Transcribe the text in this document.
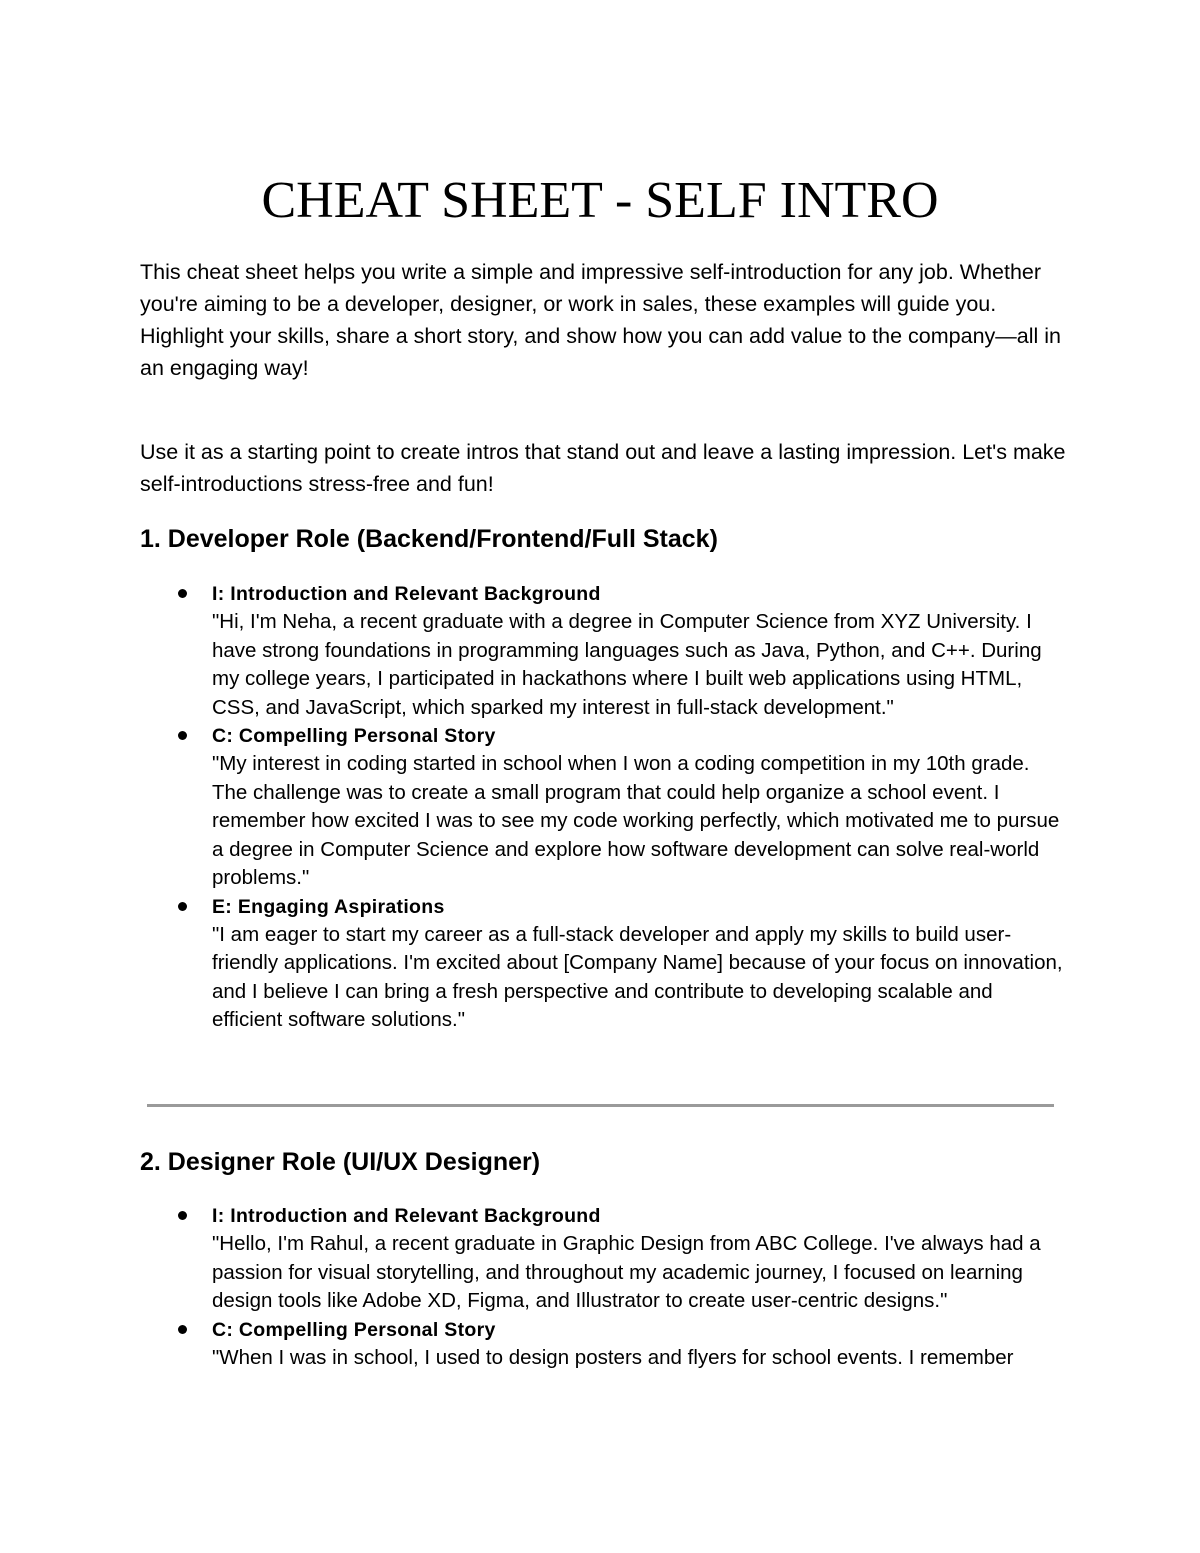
CHEAT SHEET - SELF INTRO

This cheat sheet helps you write a simple and impressive self-introduction for any job. Whether you're aiming to be a developer, designer, or work in sales, these examples will guide you. Highlight your skills, share a short story, and show how you can add value to the company—all in an engaging way!

Use it as a starting point to create intros that stand out and leave a lasting impression. Let's make self-introductions stress-free and fun!

1. Developer Role (Backend/Frontend/Full Stack)
I: Introduction and Relevant Background
"Hi, I'm Neha, a recent graduate with a degree in Computer Science from XYZ University. I have strong foundations in programming languages such as Java, Python, and C++. During my college years, I participated in hackathons where I built web applications using HTML, CSS, and JavaScript, which sparked my interest in full-stack development."
C: Compelling Personal Story
"My interest in coding started in school when I won a coding competition in my 10th grade. The challenge was to create a small program that could help organize a school event. I remember how excited I was to see my code working perfectly, which motivated me to pursue a degree in Computer Science and explore how software development can solve real-world problems."
E: Engaging Aspirations
"I am eager to start my career as a full-stack developer and apply my skills to build user-friendly applications. I'm excited about [Company Name] because of your focus on innovation, and I believe I can bring a fresh perspective and contribute to developing scalable and efficient software solutions."
2. Designer Role (UI/UX Designer)
I: Introduction and Relevant Background
"Hello, I'm Rahul, a recent graduate in Graphic Design from ABC College. I've always had a passion for visual storytelling, and throughout my academic journey, I focused on learning design tools like Adobe XD, Figma, and Illustrator to create user-centric designs."
C: Compelling Personal Story
"When I was in school, I used to design posters and flyers for school events. I remember
